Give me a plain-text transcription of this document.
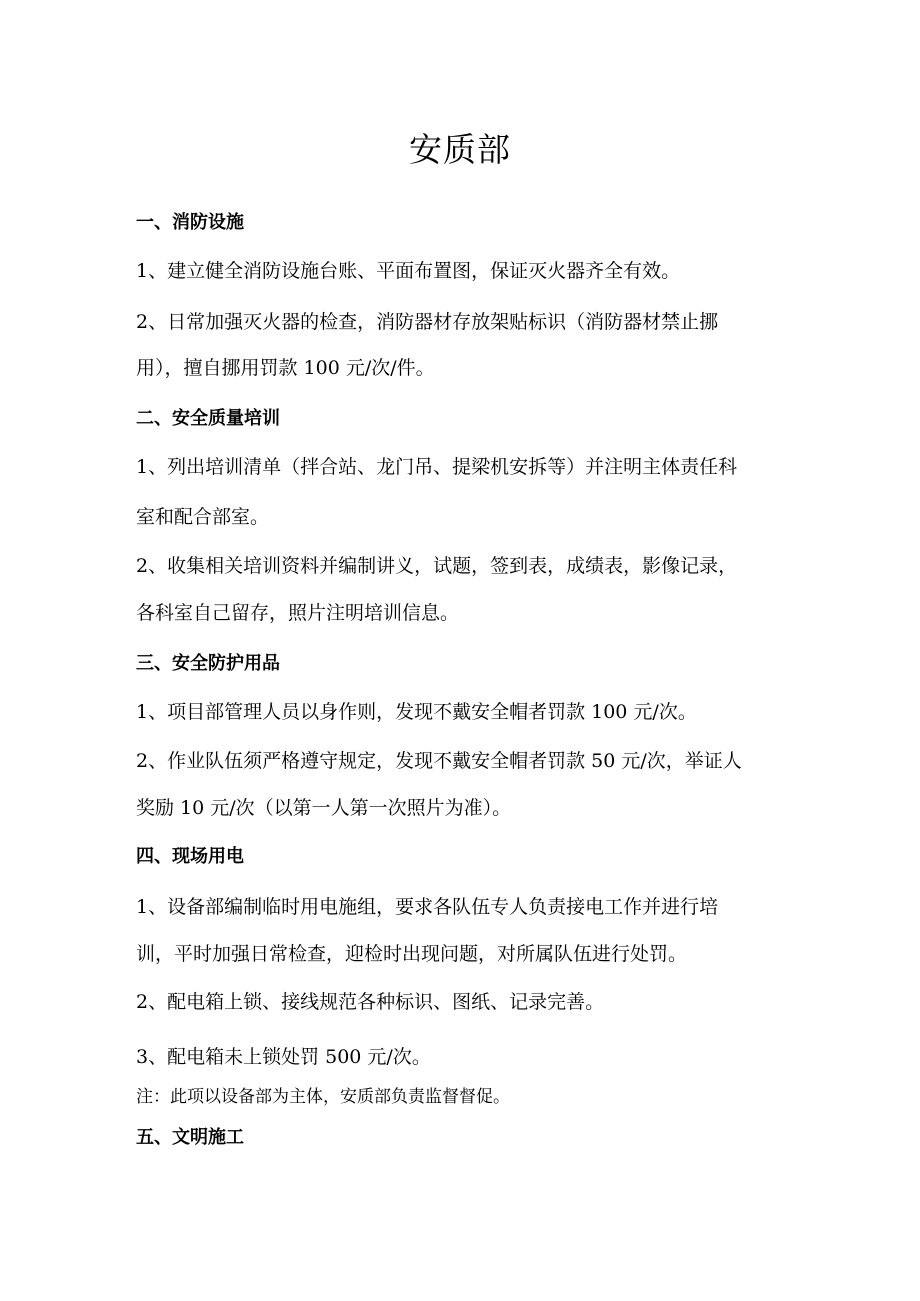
安质部
一、消防设施
1、建立健全消防设施台账、平面布置图，保证灭火器齐全有效。
2、日常加强灭火器的检查，消防器材存放架贴标识（消防器材禁止挪
用），擅自挪用罚款 100 元/次/件。
二、安全质量培训
1、列出培训清单（拌合站、龙门吊、提梁机安拆等）并注明主体责任科
室和配合部室。
2、收集相关培训资料并编制讲义，试题，签到表，成绩表，影像记录，
各科室自己留存，照片注明培训信息。
三、安全防护用品
1、项目部管理人员以身作则，发现不戴安全帽者罚款 100 元/次。
2、作业队伍须严格遵守规定，发现不戴安全帽者罚款 50 元/次，举证人
奖励 10 元/次（以第一人第一次照片为准）。
四、现场用电
1、设备部编制临时用电施组，要求各队伍专人负责接电工作并进行培
训，平时加强日常检查，迎检时出现问题，对所属队伍进行处罚。
2、配电箱上锁、接线规范各种标识、图纸、记录完善。
3、配电箱未上锁处罚 500 元/次。
注：此项以设备部为主体，安质部负责监督督促。
五、文明施工
